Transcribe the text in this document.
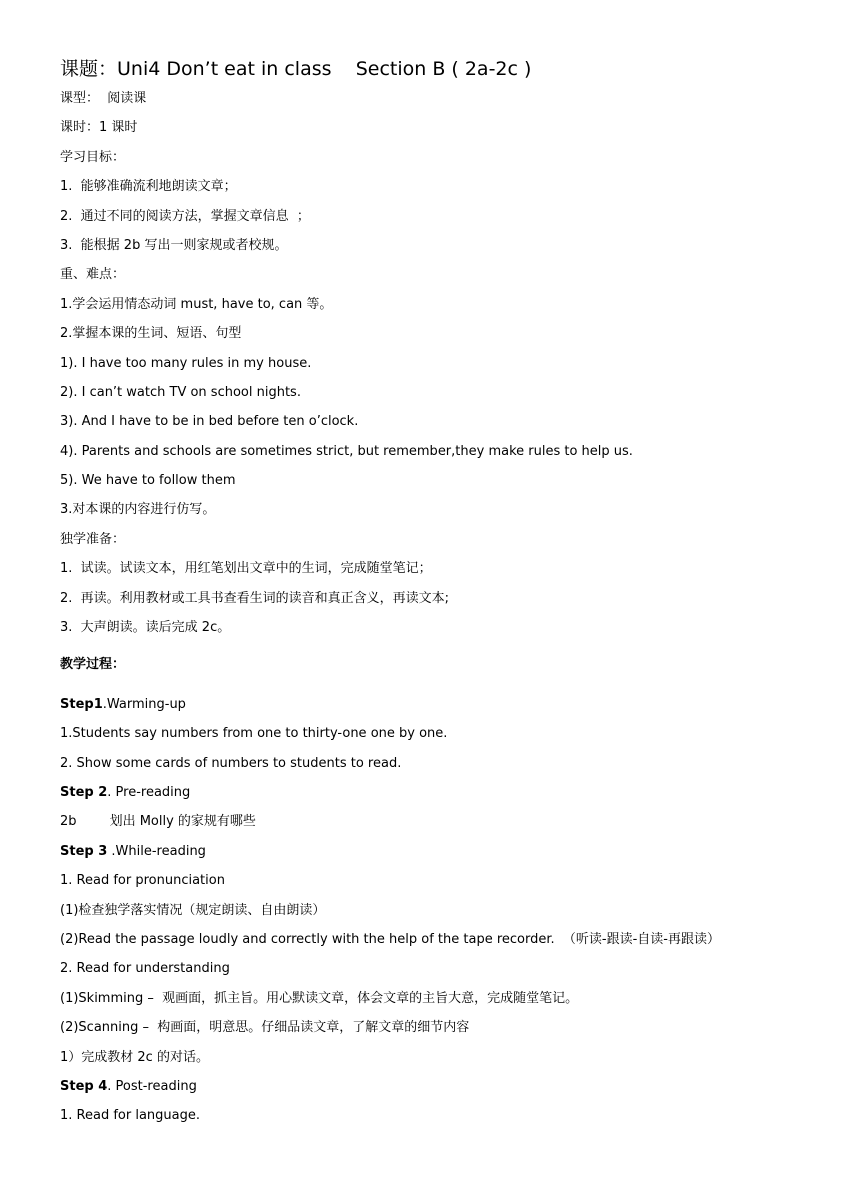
课题：Uni4 Don’t eat in class    Section B ( 2a-2c )
课型：  阅读课
课时：1 课时
学习目标：
1.  能够准确流利地朗读文章；
2.  通过不同的阅读方法，掌握文章信息  ；
3.  能根据 2b 写出一则家规或者校规。
重、难点：
1.学会运用情态动词 must, have to, can 等。
2.掌握本课的生词、短语、句型
1). I have too many rules in my house.
2). I can’t watch TV on school nights.
3). And I have to be in bed before ten o’clock.
4). Parents and schools are sometimes strict, but remember,they make rules to help us.
5). We have to follow them
3.对本课的内容进行仿写。
独学准备：
1.  试读。试读文本，用红笔划出文章中的生词，完成随堂笔记；
2.  再读。利用教材或工具书查看生词的读音和真正含义，再读文本;
3.  大声朗读。读后完成 2c。
教学过程：
Step1.Warming-up
1.Students say numbers from one to thirty-one one by one.
2. Show some cards of numbers to students to read.
Step 2. Pre-reading
2b        划出 Molly 的家规有哪些
Step 3 .While-reading
1. Read for pronunciation
(1)检查独学落实情况（规定朗读、自由朗读）
(2)Read the passage loudly and correctly with the help of the tape recorder.  （听读-跟读-自读-再跟读）
2. Read for understanding
(1)Skimming –  观画面，抓主旨。用心默读文章，体会文章的主旨大意，完成随堂笔记。
(2)Scanning –  构画面，明意思。仔细品读文章，了解文章的细节内容
1）完成教材 2c 的对话。
Step 4. Post-reading
1. Read for language.
